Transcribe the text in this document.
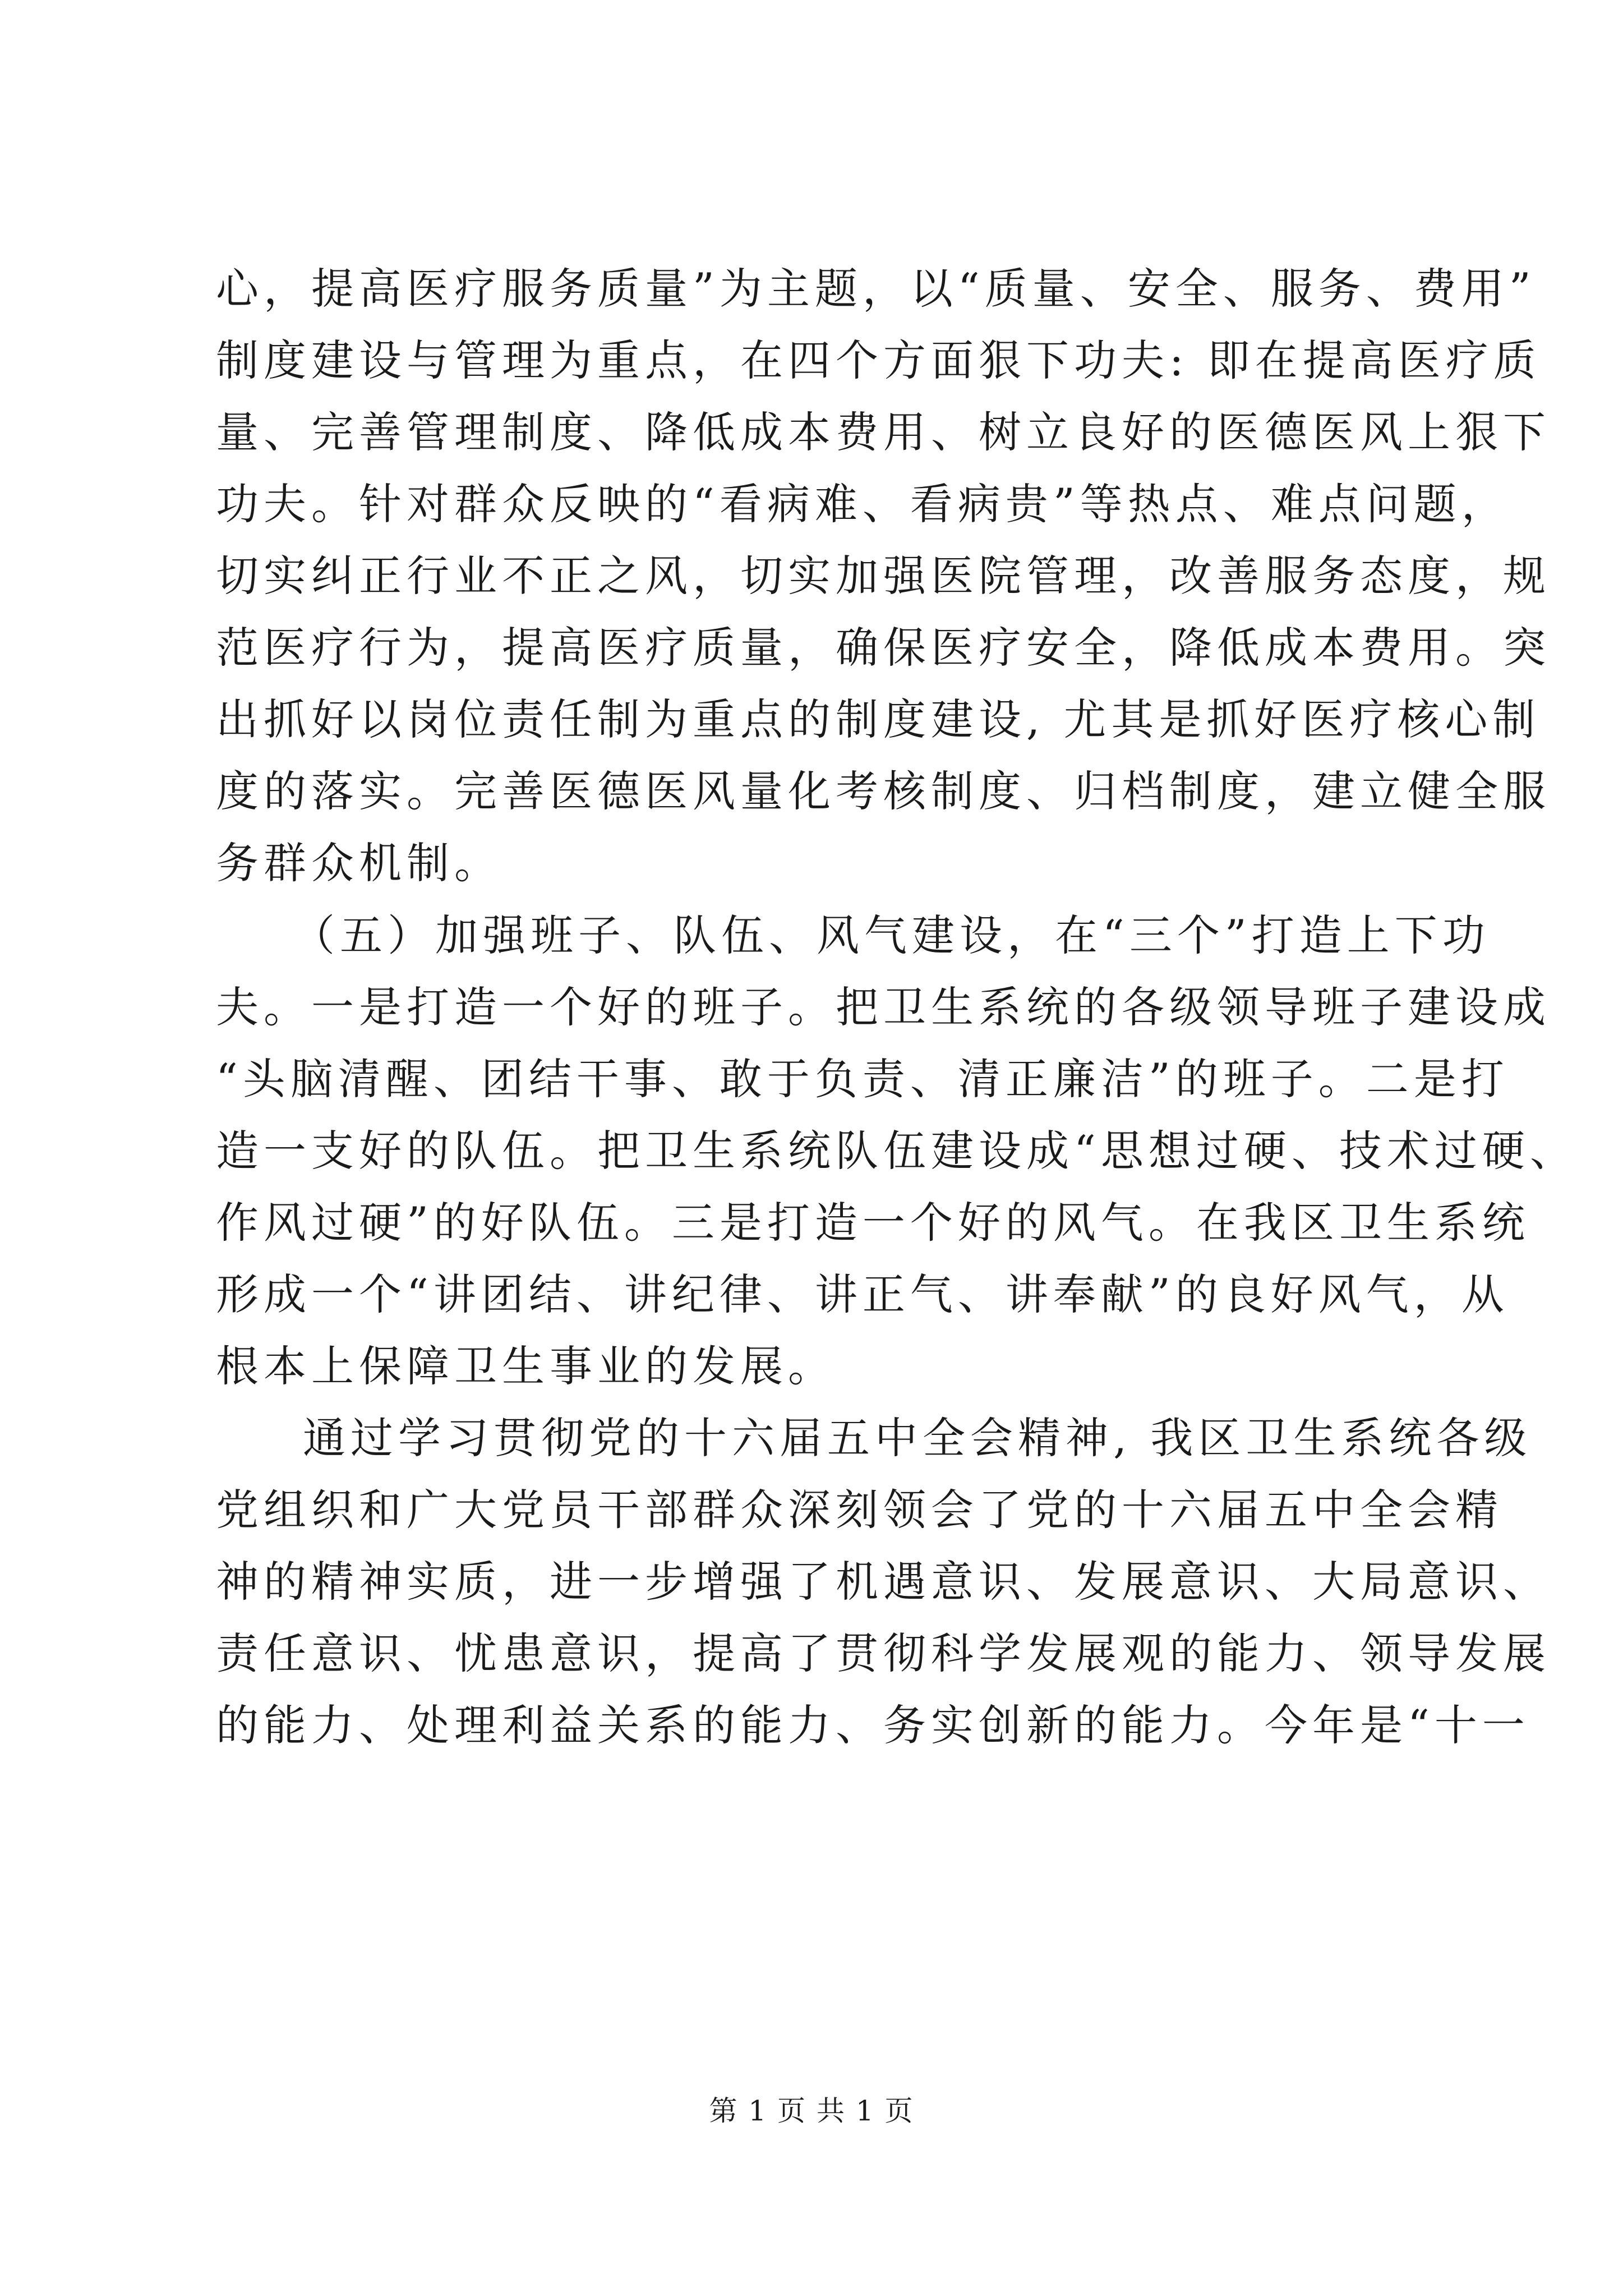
心，提高医疗服务质量”为主题，以“质量、安全、服务、费用”
制度建设与管理为重点，在四个方面狠下功夫: 即在提高医疗质
量、完善管理制度、降低成本费用、树立良好的医德医风上狠下
功夫。针对群众反映的“看病难、看病贵”等热点、难点问题，
切实纠正行业不正之风，切实加强医院管理，改善服务态度，规
范医疗行为，提高医疗质量，确保医疗安全，降低成本费用。突
出抓好以岗位责任制为重点的制度建设, 尤其是抓好医疗核心制
度的落实。完善医德医风量化考核制度、归档制度，建立健全服
务群众机制。
（五）加强班子、队伍、风气建设，在“三个”打造上下功
夫。一是打造一个好的班子。把卫生系统的各级领导班子建设成
“头脑清醒、团结干事、敢于负责、清正廉洁”的班子。二是打
造一支好的队伍。把卫生系统队伍建设成“思想过硬、技术过硬、
作风过硬”的好队伍。三是打造一个好的风气。在我区卫生系统
形成一个“讲团结、讲纪律、讲正气、讲奉献”的良好风气，从
根本上保障卫生事业的发展。
通过学习贯彻党的十六届五中全会精神, 我区卫生系统各级
党组织和广大党员干部群众深刻领会了党的十六届五中全会精
神的精神实质，进一步增强了机遇意识、发展意识、大局意识、
责任意识、忧患意识，提高了贯彻科学发展观的能力、领导发展
的能力、处理利益关系的能力、务实创新的能力。今年是“十一
第 1 页 共 1 页
